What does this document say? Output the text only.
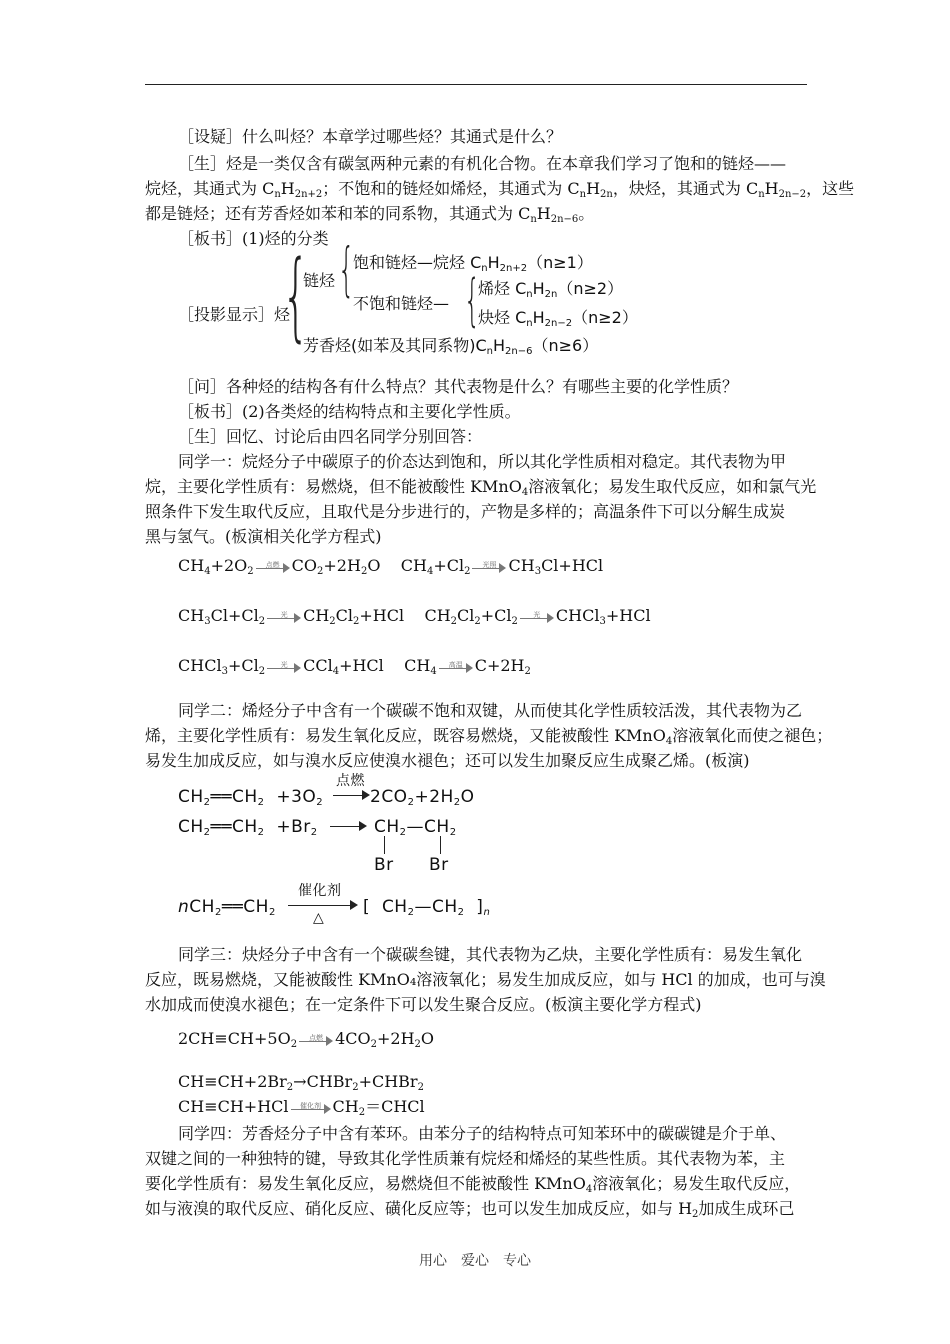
［设疑］什么叫烃？本章学过哪些烃？其通式是什么？
［生］烃是一类仅含有碳氢两种元素的有机化合物。在本章我们学习了饱和的链烃——
烷烃，其通式为 $C_nH_{2n+2}$；不饱和的链烃如烯烃，其通式为 $C_nH_{2n}$，炔烃，其通式为 $C_nH_{2n-2}$，这些
都是链烃；还有芳香烃如苯和苯的同系物，其通式为 $C_nH_{2n-6}$。
［板书］(1)烃的分类
［投影显示］烃
{
链烃 {
饱和链烃—烷烃 $C_nH_{2n+2}(n\ge 1)$
不饱和链烃— {
烯烃 $C_nH_{2n}(n\ge 2)$
炔烃 $C_nH_{2n-2}(n\ge 2)$
芳香烃(如苯及其同系物)$C_nH_{2n-6}(n\ge 6)$
［问］各种烃的结构各有什么特点？其代表物是什么？有哪些主要的化学性质？
［板书］(2)各类烃的结构特点和主要化学性质。
［生］回忆、讨论后由四名同学分别回答：
同学一：烷烃分子中碳原子的价态达到饱和，所以其化学性质相对稳定。其代表物为甲
烷，主要化学性质有：易燃烧，但不能被酸性 KMnO$_4$溶液氧化；易发生取代反应，如和氯气光
照条件下发生取代反应，且取代是分步进行的，产物是多样的；高温条件下可以分解生成炭
黑与氢气。(板演相关化学方程式)
$CH_4+2O_2$
点燃 $CO_2+2H_2O$    $CH_4+Cl_2$
光照 $CH_3Cl+HCl$
$CH_3Cl+Cl_2$
光 $CH_2Cl_2+HCl$    $CH_2Cl_2+Cl_2$
光 CHCl$_3$+HCl
$CHCl_3+Cl_2$
光 CCl$_4$+HCl    $CH_4$
高温 $C+2H_2$
同学二：烯烃分子中含有一个碳碳不饱和双键，从而使其化学性质较活泼，其代表物为乙
烯，主要化学性质有：易发生氧化反应，既容易燃烧，又能被酸性 KMnO$_4$溶液氧化而使之褪色；
易发生加成反应，如与溴水反应使溴水褪色；还可以发生加聚反应生成聚乙烯。(板演)
$CH_2══CH_2 +3O_2$
点燃
$2CO_2+2H_2O$
$CH_2══CH_2 +Br_2$	$CH_2—CH_2$
Br Br
$nCH_2══CH_2$
催化剂
△
[  $CH_2—CH_2$  ]$_n$
同学三：炔烃分子中含有一个碳碳叁键，其代表物为乙炔，主要化学性质有：易发生氧化
反应，既易燃烧，又能被酸性 KMnO₄溶液氧化；易发生加成反应，如与 HCl 的加成，也可与溴
水加成而使溴水褪色；在一定条件下可以发生聚合反应。(板演主要化学方程式)
$2CH\equiv CH+5O_2$
点燃 $4CO_2+2H_2O$
$CH\equiv CH+2Br_2\to CHBr_2+CHBr_2$
CH≡CH+HCl	催化剂 $CH_2=CHCl$
同学四：芳香烃分子中含有苯环。由苯分子的结构特点可知苯环中的碳碳键是介于单、
双键之间的一种独特的键，导致其化学性质兼有烷烃和烯烃的某些性质。其代表物为苯，主
要化学性质有：易发生氧化反应，易燃烧但不能被酸性 KMnO$_4$溶液氧化；易发生取代反应，
如与液溴的取代反应、硝化反应、磺化反应等；也可以发生加成反应，如与 $H_2$加成生成环己
用心　爱心　专心
